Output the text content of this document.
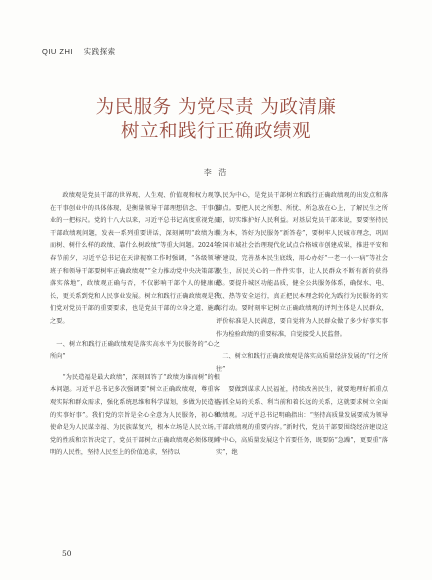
QIU ZHI 实践探索
为民服务 为党尽责 为政清廉
树立和践行正确政绩观
李 浩

政绩观是党员干部的世界观、人生观、价值观和权力观等在干事创业中的具体体现，是衡量领导干部理想信念、干事创业的一把标尺。党的十八大以来，习近平总书记高度重视党员干部政绩观问题，发表一系列重要讲话，深刻阐明“政绩为谁而树、树什么样的政绩、靠什么树政绩”等重大问题。2024年春节前夕，习近平总书记在天津视察工作时强调，“各级领导班子和领导干部要树牢正确政绩观”“全力推动党中央决策部署落实落地”，政绩观正确与否，不仅影响干部个人的健康成长，更关系到党和人民事业发展。树立和践行正确政绩观是我们党对党员干部的重要要求，也是党员干部的立身之道、施政之要。

一、树立和践行正确政绩观是落实高水平为民服务的“心之所向”

“为民造福是最大政绩”，深刻回答了“政绩为谁而树”的根本问题。习近平总书记多次强调要“树立正确政绩观，尊重客观实际和群众需求，强化系统思维和科学谋划，多做为民造福的实事好事”。我们党的宗旨是全心全意为人民服务，初心和使命是为人民谋幸福、为民族谋复兴，根本立场是人民立场。党的性质和宗旨决定了，党员干部树立正确政绩观必须体现鲜明的人民性，坚持人民至上的价值追求，坚持以

人民为中心，是党员干部树立和践行正确政绩观的出发点和落脚点。要把人民之所想、所忧、所急放在心上，了解民生之所需，切实维护好人民利益。对基层党员干部来说，要要坚持民生为本，答好为民服务“新答卷”，要树牢人民城市理念，巩固全国市域社会治理现代化试点合格城市创建成果，推进平安和平建设，完善基本民生底线，用心办好“一老一小一病”等社会民生，居民关心的一件件实事，让人民群众不断有新的获得感。要提升城区功能品质，健全公共服务体系，确保水、电、气、热等安全运行，真正把民本理念转化为践行为民服务的实际行动。要时刻牢记树立正确政绩观的评判主体是人民群众，评价标准是人民满意，要自觉将为人民群众做了多少好事实事作为检验政绩的重要标准，自觉接受人民监督。

二、树立和践行正确政绩观是落实高质量经济发展的“行之所往”

要做到谋求人民福祉，持续改善民生，就要地理好抓重点与抓全局的关系、利当前和着长远的关系，这就要求树立全面政绩观。习近平总书记明确指出：“坚持高质量发展要成为领导干部政绩观的重要内容。”新时代，党员干部要围绕经济建设这个中心，高质量发展这个首要任务，既要防“急躁”，更要重“落实”，绝

50
